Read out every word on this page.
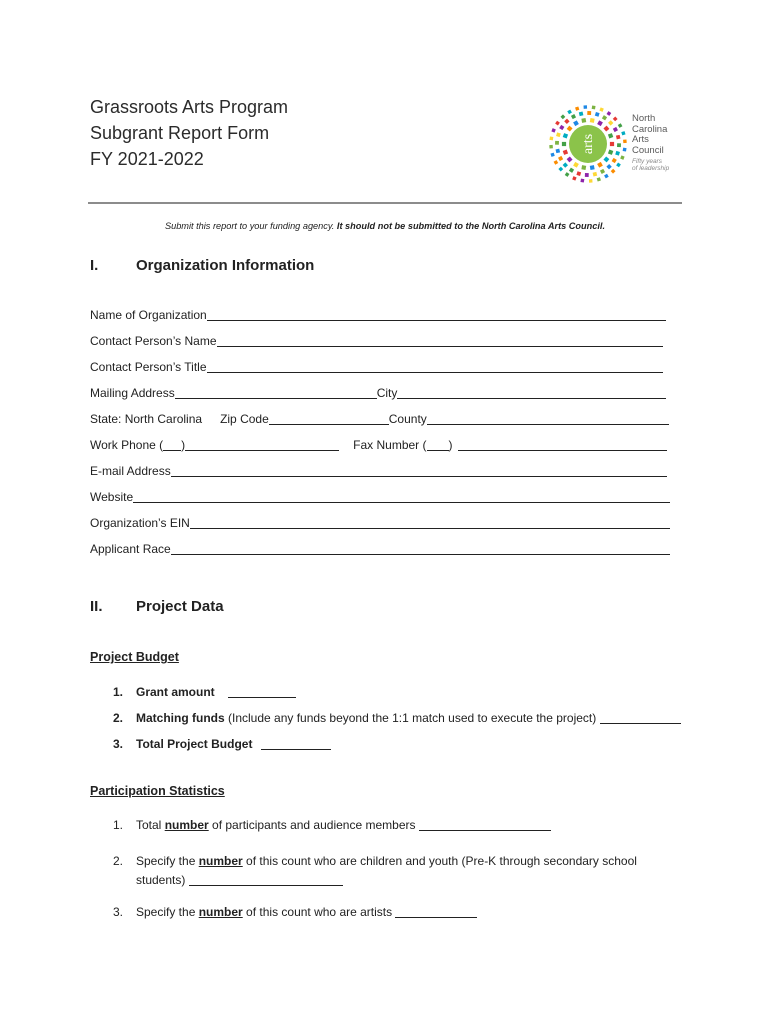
Grassroots Arts Program
Subgrant Report Form
FY 2021-2022
arts
North
Carolina
Arts
Council
Fifty years
of leadership
Submit this report to your funding agency. It should not be submitted to the North Carolina Arts Council.
I.	Organization Information
Name of Organization
Contact Person’s Name
Contact Person’s Title
Mailing Address	City
State: North Carolina Zip Code	County
Work Phone ( )	Fax Number ( )
E-mail Address
Website
Organization’s EIN
Applicant Race
II. Project Data
Project Budget
1.	Grant amount
2.	Matching funds (Include any funds beyond the 1:1 match used to execute the project)
3.	Total Project Budget
Participation Statistics
1.	Total number of participants and audience members
2.	Specify the number of this count who are children and youth (Pre-K through secondary school
students)
3.	Specify the number of this count who are artists
